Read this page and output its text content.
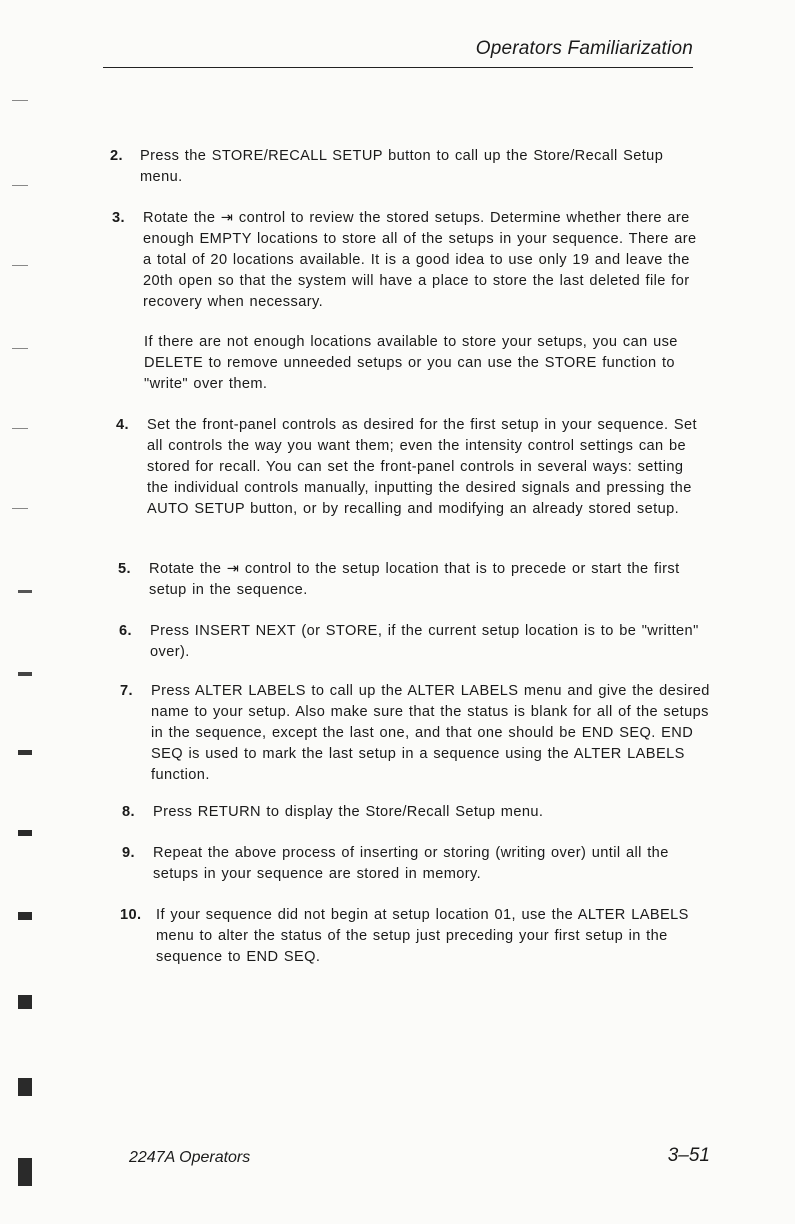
Operators Familiarization
2. Press the STORE/RECALL SETUP button to call up the Store/Recall Setup menu.

3. Rotate the ⇥ control to review the stored setups. Determine whether there are enough EMPTY locations to store all of the setups in your sequence. There are a total of 20 locations available. It is a good idea to use only 19 and leave the 20th open so that the system will have a place to store the last deleted file for recovery when necessary.

If there are not enough locations available to store your setups, you can use DELETE to remove unneeded setups or you can use the STORE function to "write" over them.
4. Set the front-panel controls as desired for the first setup in your sequence. Set all controls the way you want them; even the intensity control settings can be stored for recall. You can set the front-panel controls in several ways: setting the individual controls manually, inputting the desired signals and pressing the AUTO SETUP button, or by recalling and modifying an already stored setup.

5. Rotate the ⇥ control to the setup location that is to precede or start the first setup in the sequence.

6. Press INSERT NEXT (or STORE, if the current setup location is to be "written" over).

7. Press ALTER LABELS to call up the ALTER LABELS menu and give the desired name to your setup. Also make sure that the status is blank for all of the setups in the sequence, except the last one, and that one should be END SEQ. END SEQ is used to mark the last setup in a sequence using the ALTER LABELS function.

8. Press RETURN to display the Store/Recall Setup menu.

9. Repeat the above process of inserting or storing (writing over) until all the setups in your sequence are stored in memory.

10. If your sequence did not begin at setup location 01, use the ALTER LABELS menu to alter the status of the setup just preceding your first setup in the sequence to END SEQ.

2247A Operators	3–51
